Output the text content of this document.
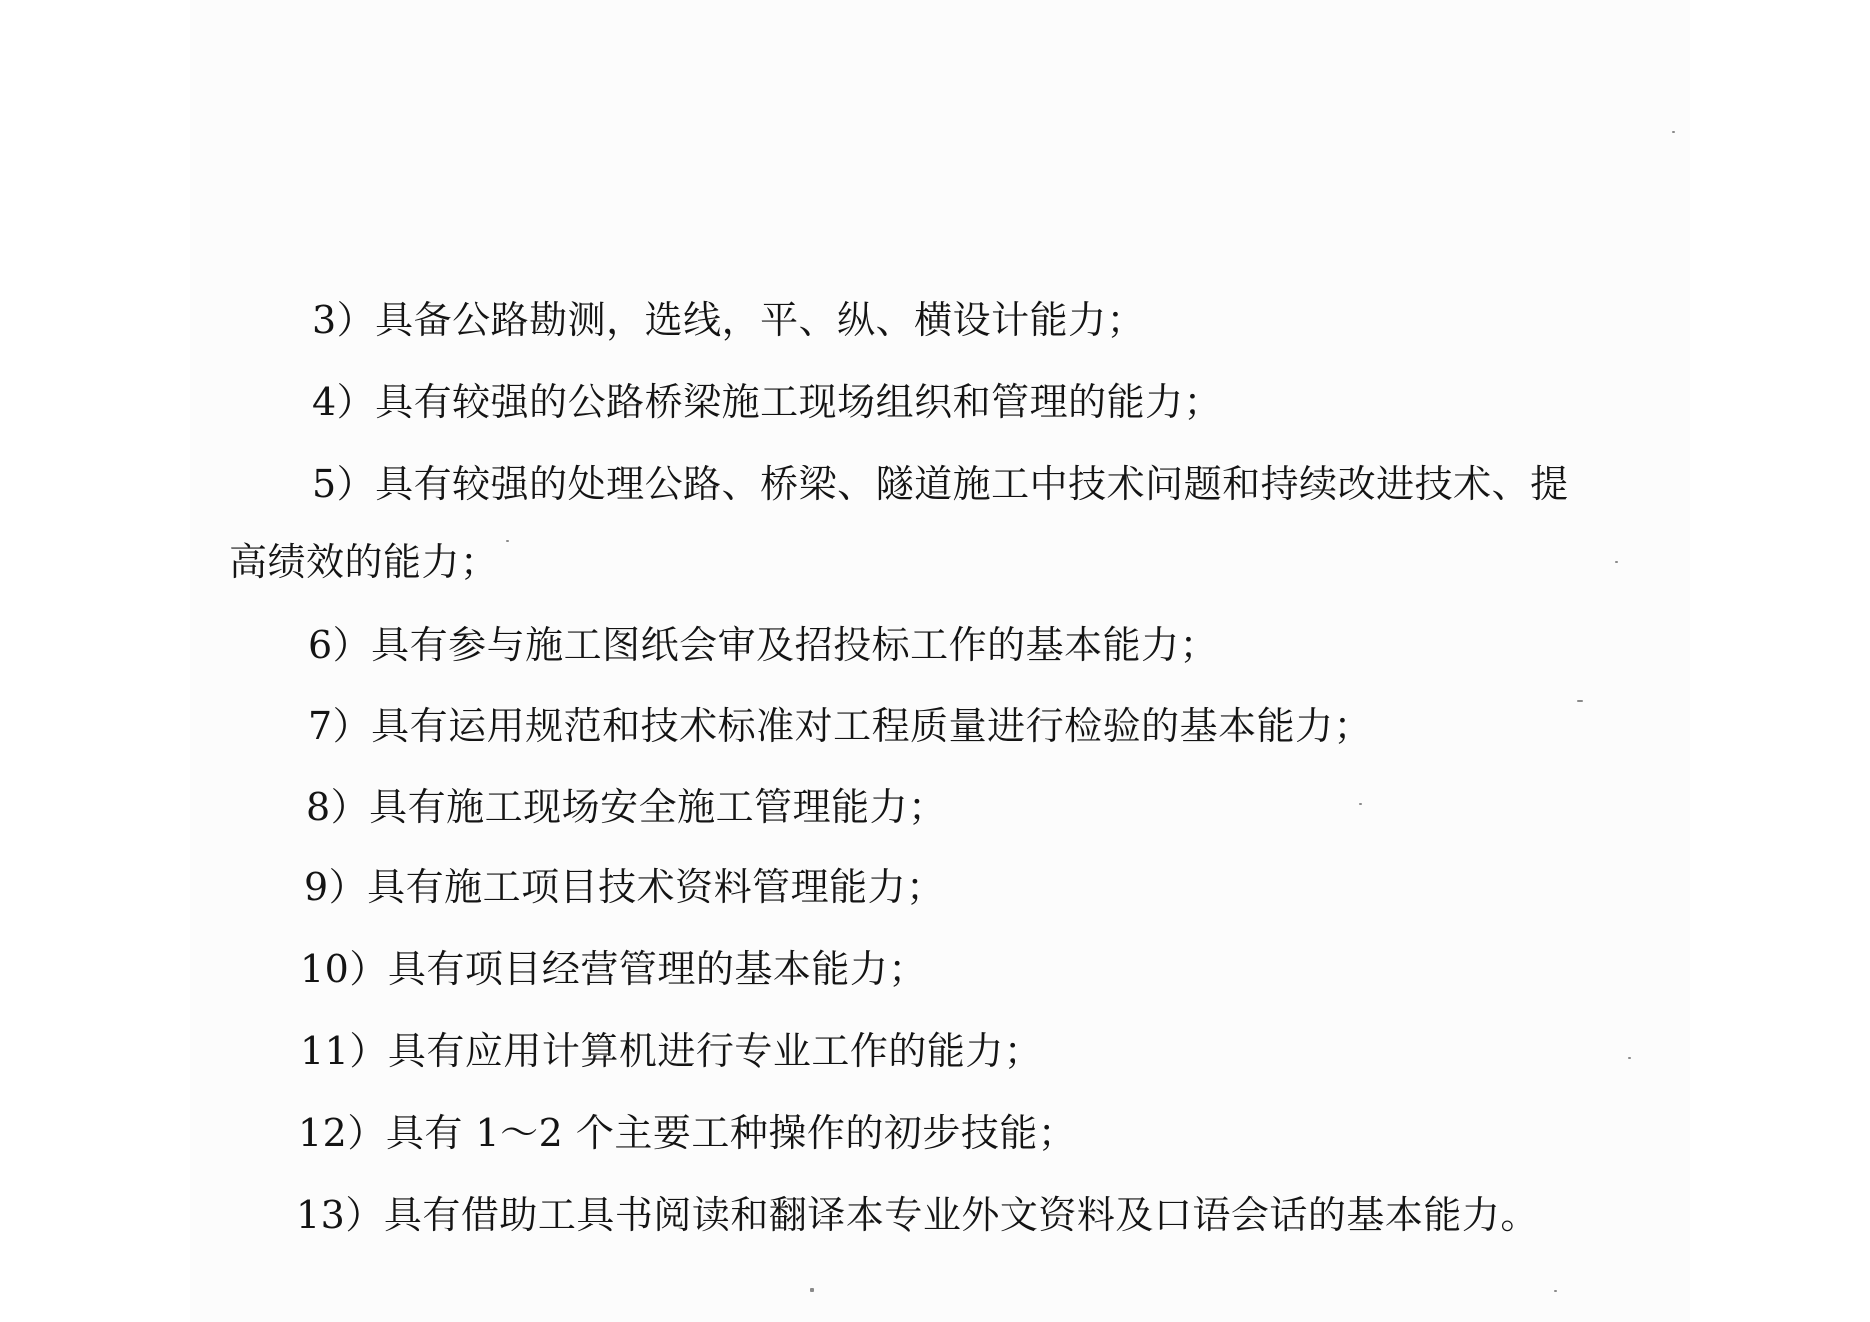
3）具备公路勘测，选线，平、纵、横设计能力；
4）具有较强的公路桥梁施工现场组织和管理的能力；
5）具有较强的处理公路、桥梁、隧道施工中技术问题和持续改进技术、提
高绩效的能力；
6）具有参与施工图纸会审及招投标工作的基本能力；
7）具有运用规范和技术标准对工程质量进行检验的基本能力；
8）具有施工现场安全施工管理能力；
9）具有施工项目技术资料管理能力；
10）具有项目经营管理的基本能力；
11）具有应用计算机进行专业工作的能力；
12）具有 1～2 个主要工种操作的初步技能；
13）具有借助工具书阅读和翻译本专业外文资料及口语会话的基本能力。
